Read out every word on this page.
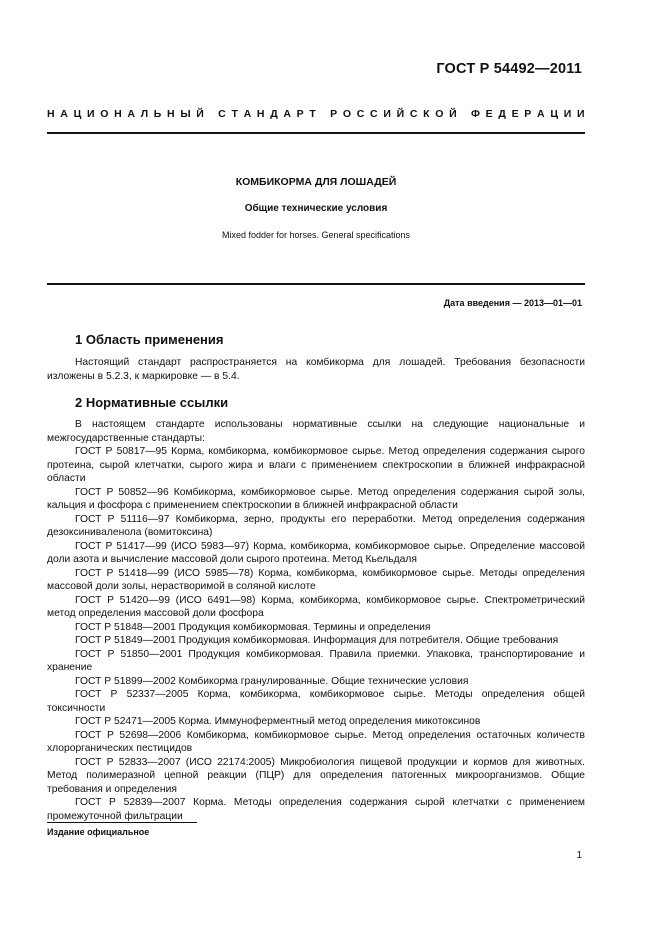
ГОСТ Р 54492—2011
Н А Ц И О Н А Л Ь Н Ы Й
С Т А Н Д А Р Т
Р О С С И Й С К О Й
Ф Е Д Е Р А Ц И И
КОМБИКОРМА ДЛЯ ЛОШАДЕЙ
Общие технические условия
Mixed fodder for horses. General specifications
Дата введения — 2013—01—01
1 Область применения

Настоящий стандарт распространяется на комбикорма для лошадей. Требования безопасности изложены в 5.2.3, к маркировке — в 5.4.

2 Нормативные ссылки

В настоящем стандарте использованы нормативные ссылки на следующие национальные и межгосударственные стандарты:

ГОСТ Р 50817—95 Корма, комбикорма, комбикормовое сырье. Метод определения содержания сырого протеина, сырой клетчатки, сырого жира и влаги с применением спектроскопии в ближней инфракрасной области

ГОСТ Р 50852—96 Комбикорма, комбикормовое сырье. Метод определения содержания сырой золы, кальция и фосфора с применением спектроскопии в ближней инфракрасной области

ГОСТ Р 51116—97 Комбикорма, зерно, продукты его переработки. Метод определения содержания дезоксиниваленола (вомитоксина)

ГОСТ Р 51417—99 (ИСО 5983—97) Корма, комбикорма, комбикормовое сырье. Определение массовой доли азота и вычисление массовой доли сырого протеина. Метод Кьельдаля

ГОСТ Р 51418—99 (ИСО 5985—78) Корма, комбикорма, комбикормовое сырье. Методы определения массовой доли золы, нерастворимой в соляной кислоте

ГОСТ Р 51420—99 (ИСО 6491—98) Корма, комбикорма, комбикормовое сырье. Спектрометрический метод определения массовой доли фосфора

ГОСТ Р 51848—2001 Продукция комбикормовая. Термины и определения

ГОСТ Р 51849—2001 Продукция комбикормовая. Информация для потребителя. Общие требования

ГОСТ Р 51850—2001 Продукция комбикормовая. Правила приемки. Упаковка, транспортирование и хранение

ГОСТ Р 51899—2002 Комбикорма гранулированные. Общие технические условия

ГОСТ Р 52337—2005 Корма, комбикорма, комбикормовое сырье. Методы определения общей токсичности

ГОСТ Р 52471—2005 Корма. Иммуноферментный метод определения микотоксинов

ГОСТ Р 52698—2006 Комбикорма, комбикормовое сырье. Метод определения остаточных количеств хлорорганических пестицидов

ГОСТ Р 52833—2007 (ИСО 22174:2005) Микробиология пищевой продукции и кормов для животных. Метод полимеразной цепной реакции (ПЦР) для определения патогенных микроорганизмов. Общие требования и определения

ГОСТ Р 52839—2007 Корма. Методы определения содержания сырой клетчатки с применением промежуточной фильтрации

Издание официальное
1
